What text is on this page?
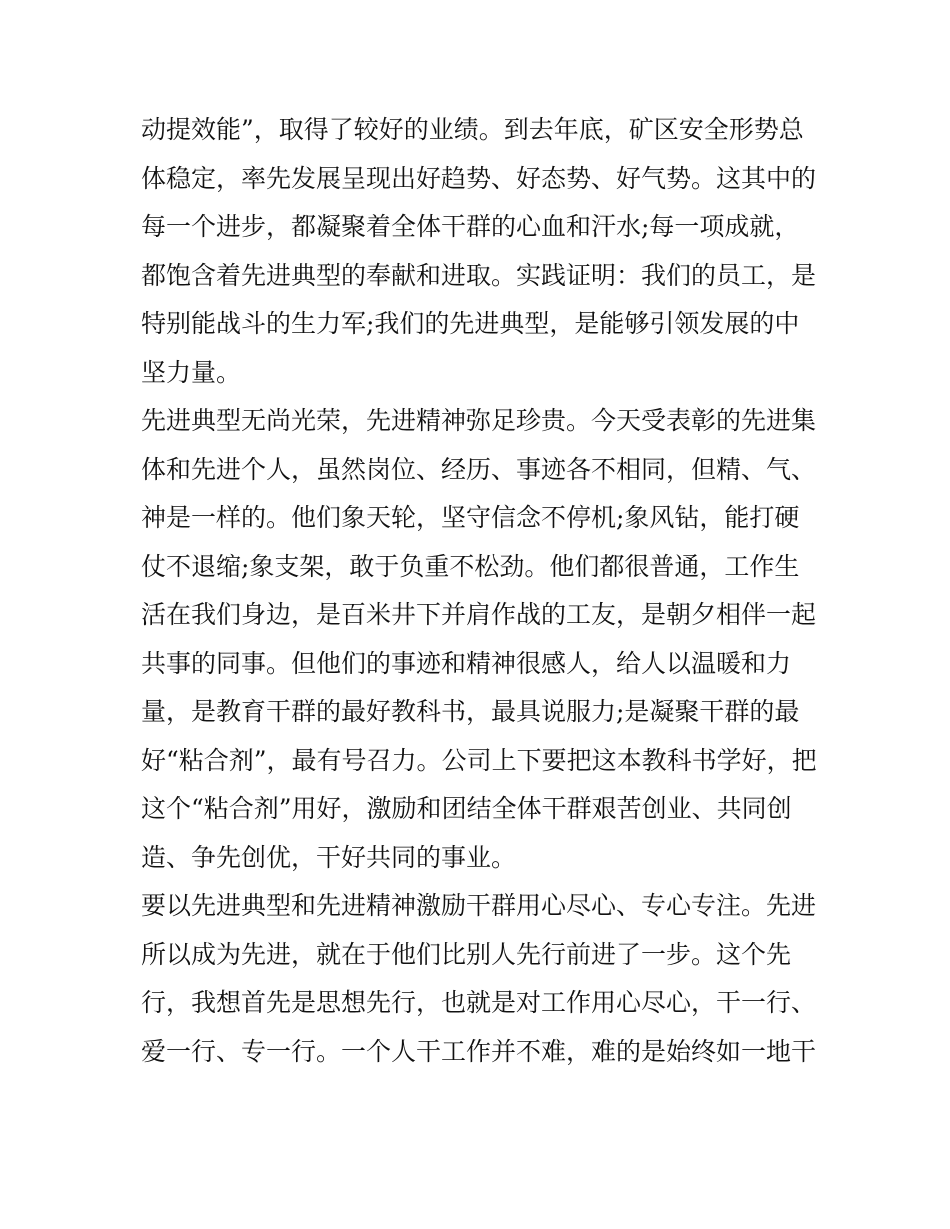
动提效能”，取得了较好的业绩。到去年底，矿区安全形势总
体稳定，率先发展呈现出好趋势、好态势、好气势。这其中的
每一个进步，都凝聚着全体干群的心血和汗水;每一项成就，
都饱含着先进典型的奉献和进取。实践证明：我们的员工，是
特别能战斗的生力军;我们的先进典型，是能够引领发展的中
坚力量。
先进典型无尚光荣，先进精神弥足珍贵。今天受表彰的先进集
体和先进个人，虽然岗位、经历、事迹各不相同，但精、气、
神是一样的。他们象天轮，坚守信念不停机;象风钻，能打硬
仗不退缩;象支架，敢于负重不松劲。他们都很普通，工作生
活在我们身边，是百米井下并肩作战的工友，是朝夕相伴一起
共事的同事。但他们的事迹和精神很感人，给人以温暖和力
量，是教育干群的最好教科书，最具说服力;是凝聚干群的最
好“粘合剂”，最有号召力。公司上下要把这本教科书学好，把
这个“粘合剂”用好，激励和团结全体干群艰苦创业、共同创
造、争先创优，干好共同的事业。
要以先进典型和先进精神激励干群用心尽心、专心专注。先进
所以成为先进，就在于他们比别人先行前进了一步。这个先
行，我想首先是思想先行，也就是对工作用心尽心，干一行、
爱一行、专一行。一个人干工作并不难，难的是始终如一地干
